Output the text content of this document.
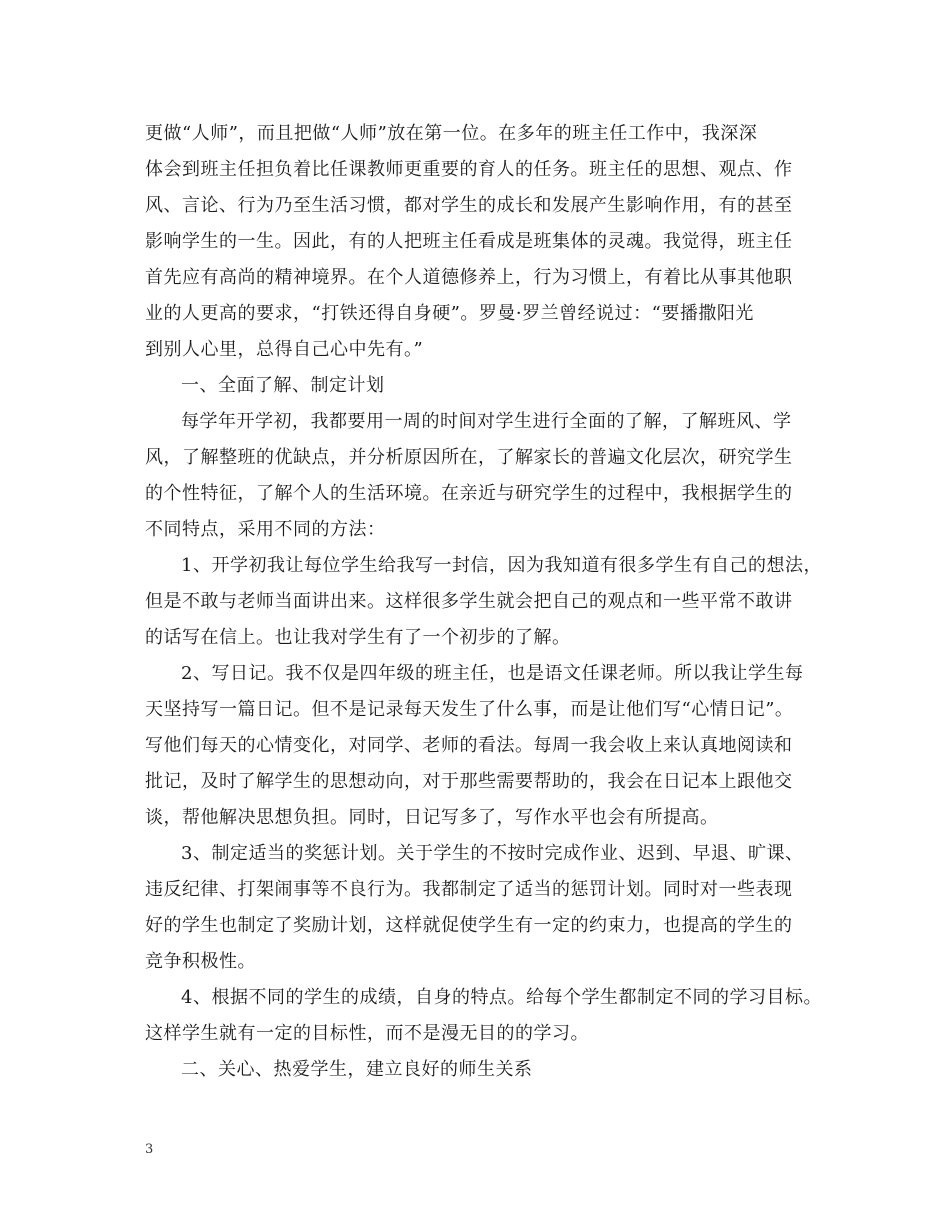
更做“人师”，而且把做“人师”放在第一位。在多年的班主任工作中，我深深
体会到班主任担负着比任课教师更重要的育人的任务。班主任的思想、观点、作
风、言论、行为乃至生活习惯，都对学生的成长和发展产生影响作用，有的甚至
影响学生的一生。因此，有的人把班主任看成是班集体的灵魂。我觉得，班主任
首先应有高尚的精神境界。在个人道德修养上，行为习惯上，有着比从事其他职
业的人更高的要求，“打铁还得自身硬”。罗曼·罗兰曾经说过：“要播撒阳光
到别人心里，总得自己心中先有。”
一、全面了解、制定计划
每学年开学初，我都要用一周的时间对学生进行全面的了解，了解班风、学
风，了解整班的优缺点，并分析原因所在，了解家长的普遍文化层次，研究学生
的个性特征，了解个人的生活环境。在亲近与研究学生的过程中，我根据学生的
不同特点，采用不同的方法：
1、开学初我让每位学生给我写一封信，因为我知道有很多学生有自己的想法，
但是不敢与老师当面讲出来。这样很多学生就会把自己的观点和一些平常不敢讲
的话写在信上。也让我对学生有了一个初步的了解。
2、写日记。我不仅是四年级的班主任，也是语文任课老师。所以我让学生每
天坚持写一篇日记。但不是记录每天发生了什么事，而是让他们写“心情日记”。
写他们每天的心情变化，对同学、老师的看法。每周一我会收上来认真地阅读和
批记，及时了解学生的思想动向，对于那些需要帮助的，我会在日记本上跟他交
谈，帮他解决思想负担。同时，日记写多了，写作水平也会有所提高。
3、制定适当的奖惩计划。关于学生的不按时完成作业、迟到、早退、旷课、
违反纪律、打架闹事等不良行为。我都制定了适当的惩罚计划。同时对一些表现
好的学生也制定了奖励计划，这样就促使学生有一定的约束力，也提高的学生的
竞争积极性。
4、根据不同的学生的成绩，自身的特点。给每个学生都制定不同的学习目标。
这样学生就有一定的目标性，而不是漫无目的的学习。
二、关心、热爱学生，建立良好的师生关系
3
